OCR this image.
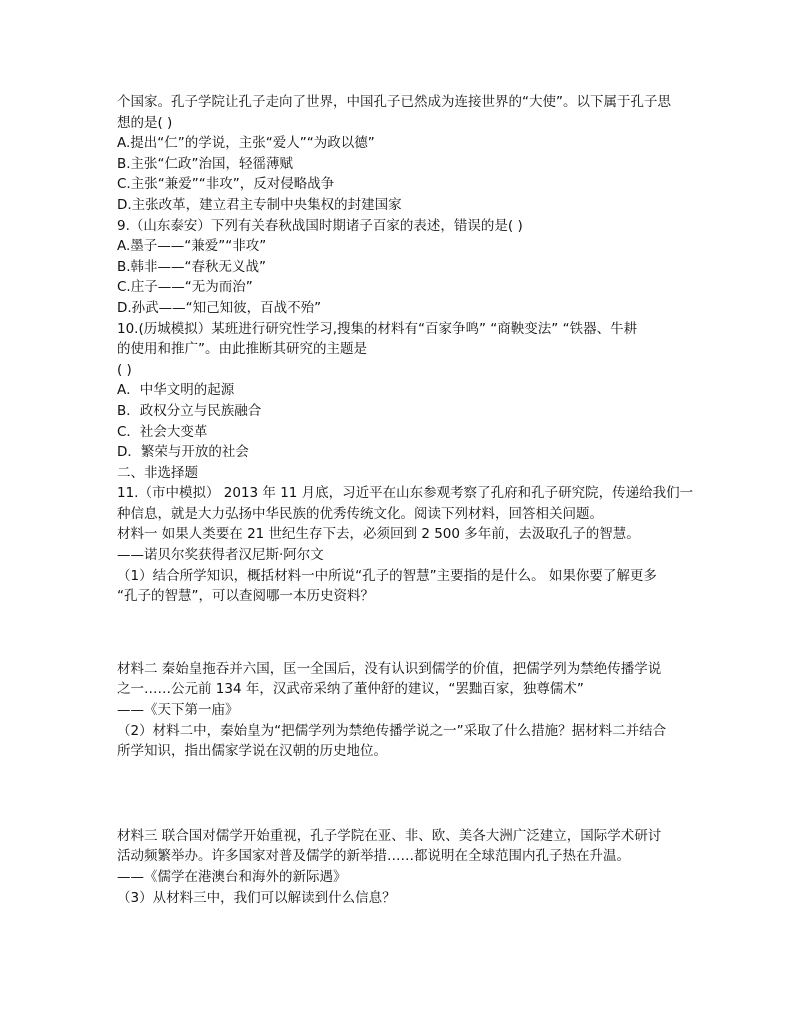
个国家。孔子学院让孔子走向了世界，中国孔子已然成为连接世界的“大使”。以下属于孔子思
想的是( )
A.提出“仁”的学说，主张“爱人”“为政以德”
B.主张“仁政”治国，轻徭薄赋
C.主张“兼爱”“非攻”，反对侵略战争
D.主张改革，建立君主专制中央集权的封建国家
9.（山东泰安）下列有关春秋战国时期诸子百家的表述，错误的是( )
A.墨子——“兼爱”“非攻”
B.韩非——“春秋无义战”
C.庄子——“无为而治”
D.孙武——“知己知彼，百战不殆”
10.(历城模拟）某班进行研究性学习,搜集的材料有“百家争鸣” “商鞅变法” “铁器、牛耕
的使用和推广”。由此推断其研究的主题是
( )
A．中华文明的起源
B．政权分立与民族融合
C．社会大变革
D．繁荣与开放的社会
二、非选择题
11.（市中模拟） 2013 年 11 月底，习近平在山东参观考察了孔府和孔子研究院，传递给我们一
种信息，就是大力弘扬中华民族的优秀传统文化。阅读下列材料，回答相关问题。
材料一 如果人类要在 21 世纪生存下去，必须回到 2 500 多年前，去汲取孔子的智慧。
——诺贝尔奖获得者汉尼斯·阿尔文
（1）结合所学知识，概括材料一中所说“孔子的智慧”主要指的是什么。 如果你要了解更多
“孔子的智慧”，可以查阅哪一本历史资料？
材料二 秦始皇拖吞并六国，匡一全国后，没有认识到儒学的价值，把儒学列为禁绝传播学说
之一……公元前 134 年，汉武帝采纳了董仲舒的建议，“罢黜百家，独尊儒术”
——《天下第一庙》
（2）材料二中，秦始皇为“把儒学列为禁绝传播学说之一”采取了什么措施？据材料二并结合
所学知识，指出儒家学说在汉朝的历史地位。
材料三 联合国对儒学开始重视，孔子学院在亚、非、欧、美各大洲广泛建立，国际学术研讨
活动频繁举办。许多国家对普及儒学的新举措……都说明在全球范围内孔子热在升温。
——《儒学在港澳台和海外的新际遇》
（3）从材料三中，我们可以解读到什么信息？
